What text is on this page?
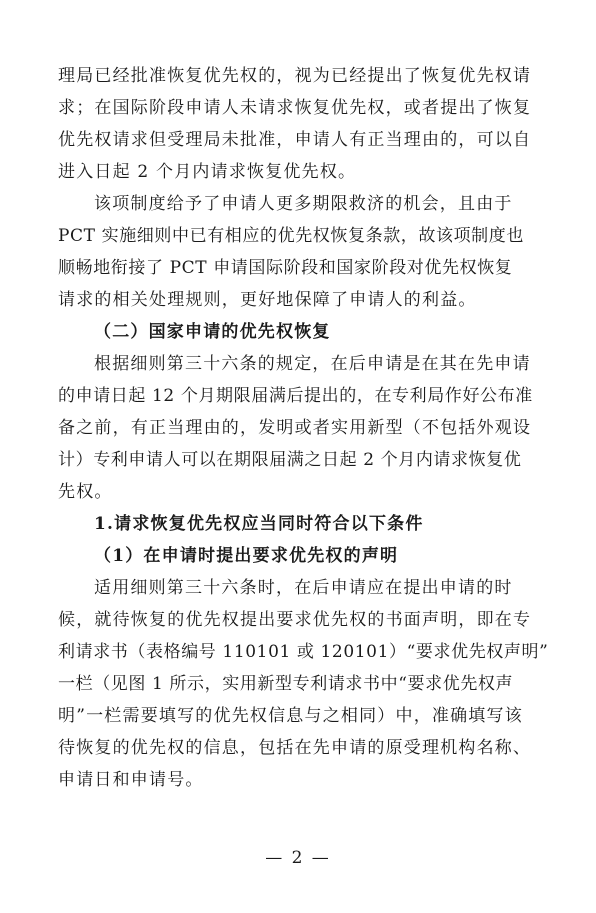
理局已经批准恢复优先权的，视为已经提出了恢复优先权请
求；在国际阶段申请人未请求恢复优先权，或者提出了恢复
优先权请求但受理局未批准，申请人有正当理由的，可以自
进入日起 2 个月内请求恢复优先权。
该项制度给予了申请人更多期限救济的机会，且由于
PCT 实施细则中已有相应的优先权恢复条款，故该项制度也
顺畅地衔接了 PCT 申请国际阶段和国家阶段对优先权恢复
请求的相关处理规则，更好地保障了申请人的利益。
（二）国家申请的优先权恢复
根据细则第三十六条的规定，在后申请是在其在先申请
的申请日起 12 个月期限届满后提出的，在专利局作好公布准
备之前，有正当理由的，发明或者实用新型（不包括外观设
计）专利申请人可以在期限届满之日起 2 个月内请求恢复优
先权。
1.请求恢复优先权应当同时符合以下条件
（1）在申请时提出要求优先权的声明
适用细则第三十六条时，在后申请应在提出申请的时
候，就待恢复的优先权提出要求优先权的书面声明，即在专
利请求书（表格编号 110101 或 120101）“要求优先权声明”
一栏（见图 1 所示，实用新型专利请求书中“要求优先权声
明”一栏需要填写的优先权信息与之相同）中，准确填写该
待恢复的优先权的信息，包括在先申请的原受理机构名称、
申请日和申请号。
— 2 —
